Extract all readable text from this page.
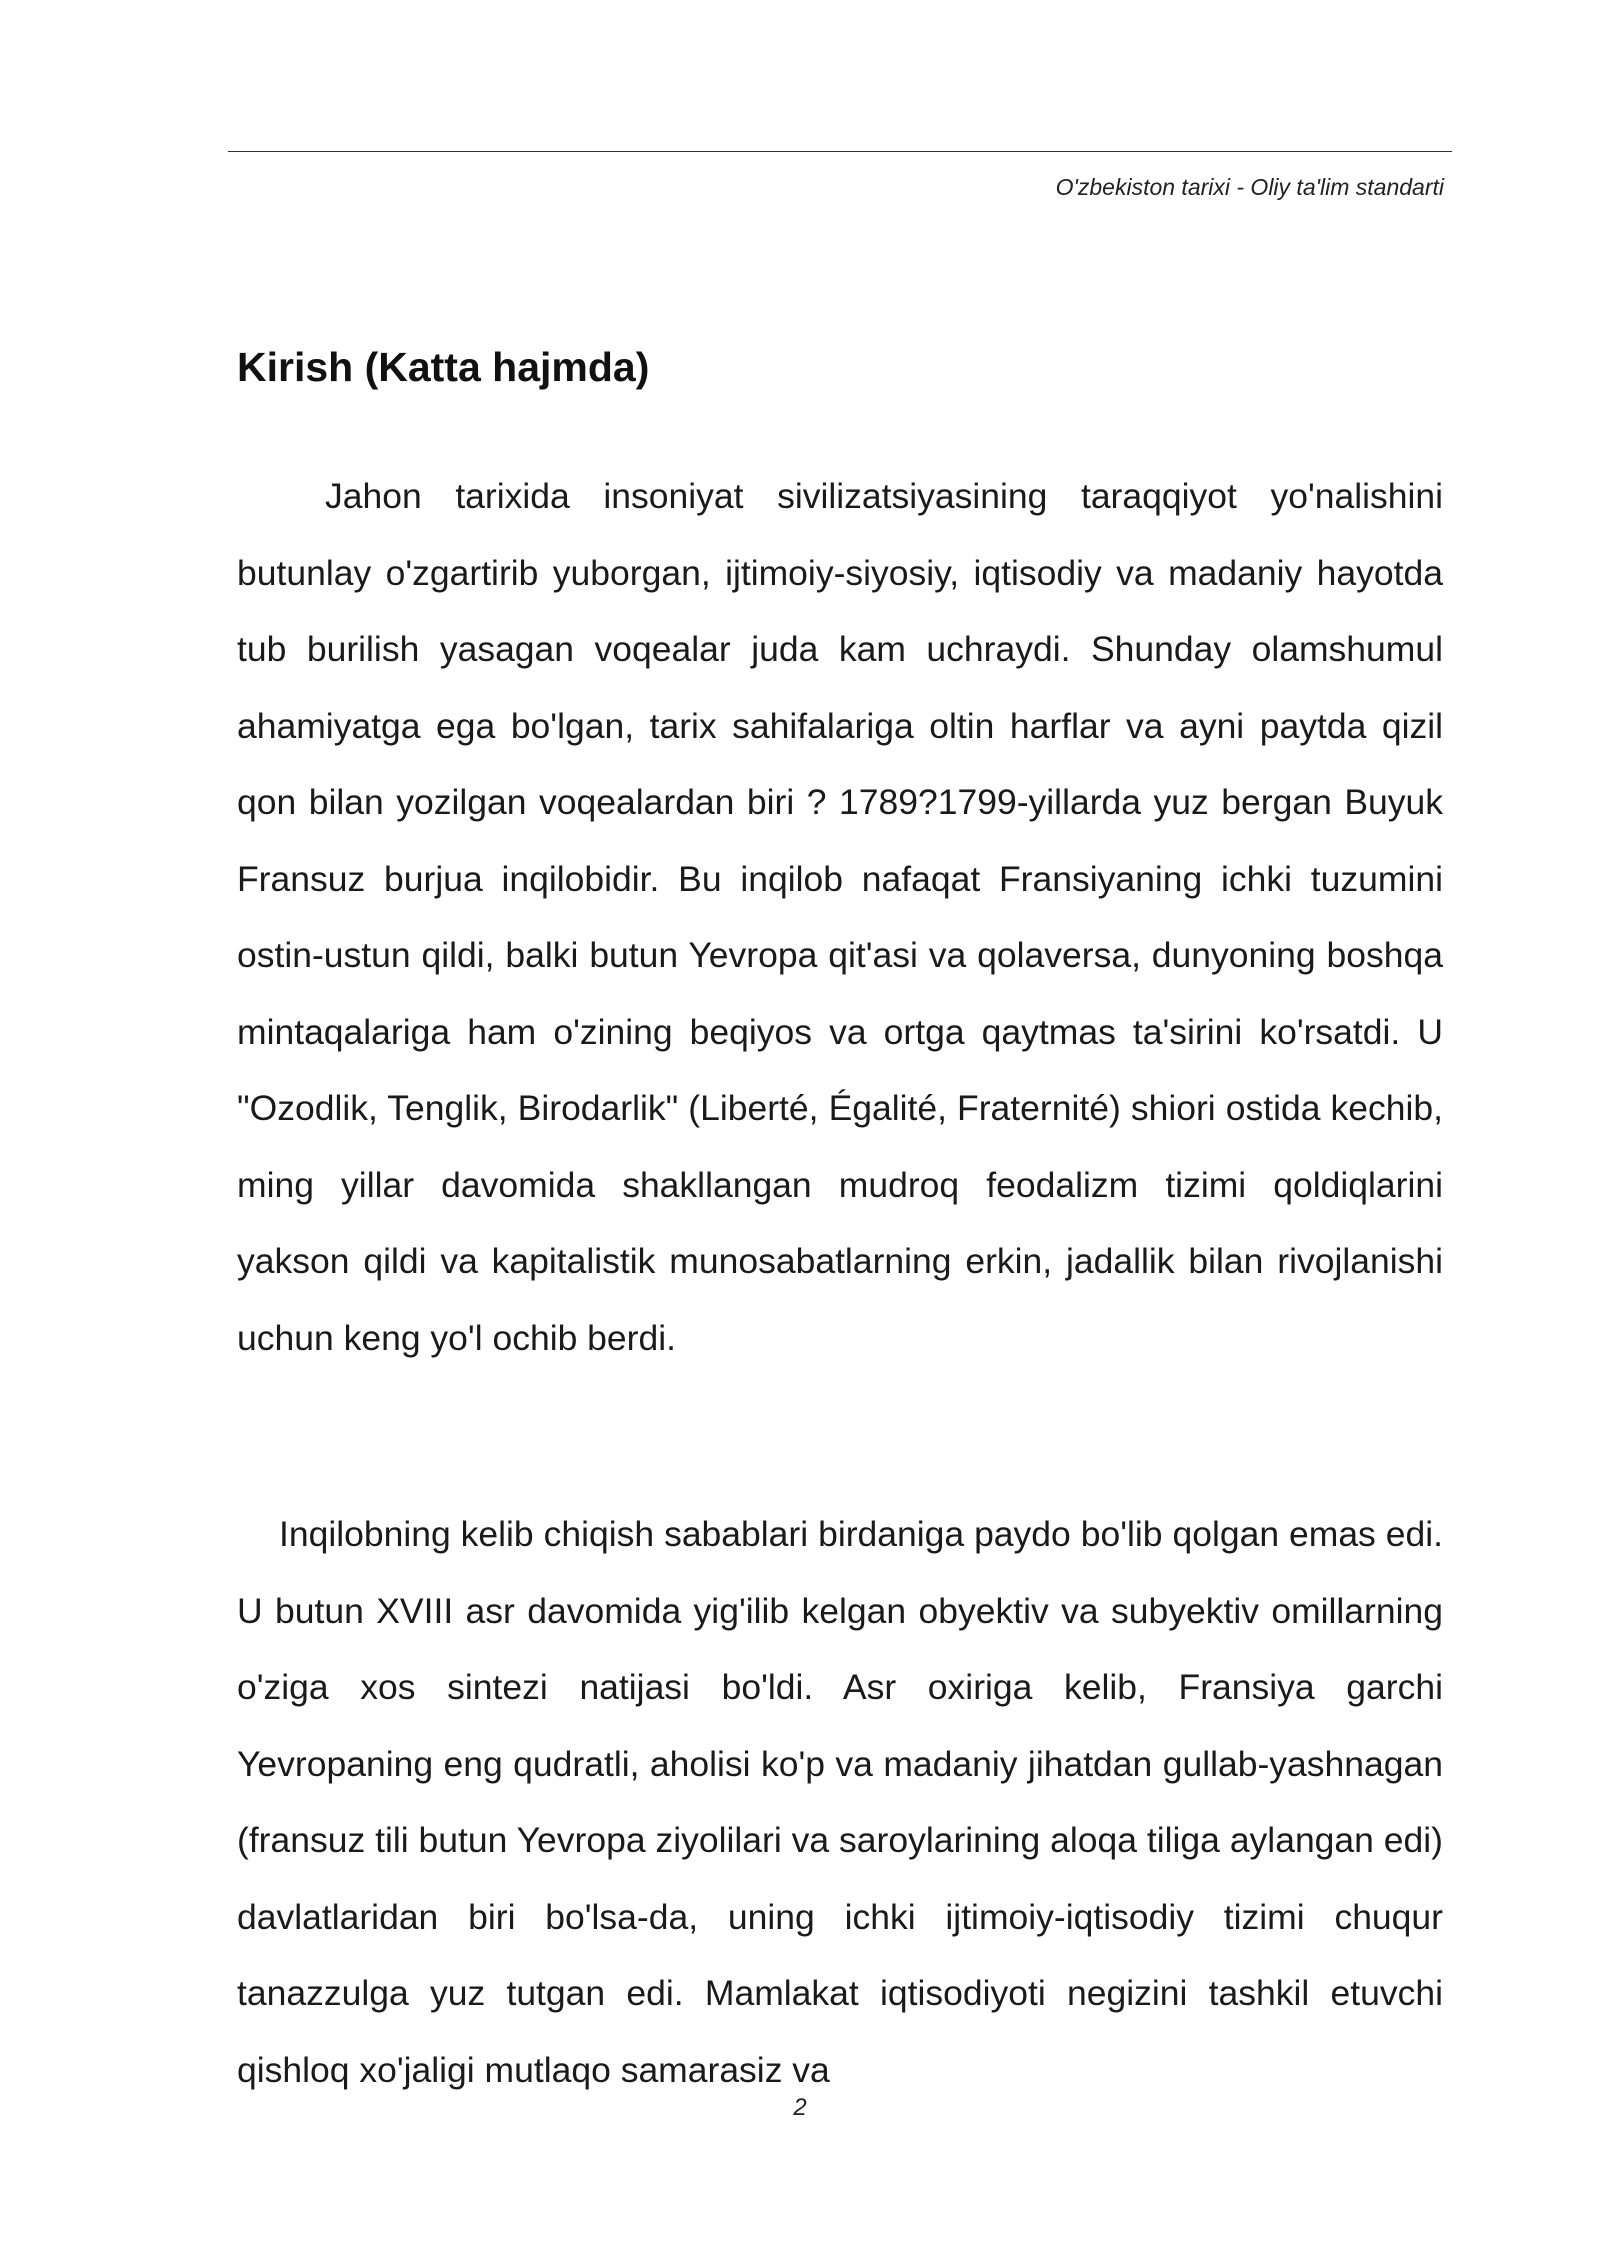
O'zbekiston tarixi - Oliy ta'lim standarti
Kirish (Katta hajmda)

Jahon tarixida insoniyat sivilizatsiyasining taraqqiyot yo'nalishini butunlay o'zgartirib yuborgan, ijtimoiy-siyosiy, iqtisodiy va madaniy hayotda tub burilish yasagan voqealar juda kam uchraydi. Shunday olamshumul ahamiyatga ega bo'lgan, tarix sahifalariga oltin harflar va ayni paytda qizil qon bilan yozilgan voqealardan biri ? 1789?1799-yillarda yuz bergan Buyuk Fransuz burjua inqilobidir. Bu inqilob nafaqat Fransiyaning ichki tuzumini ostin-ustun qildi, balki butun Yevropa qit'asi va qolaversa, dunyoning boshqa mintaqalariga ham o'zining beqiyos va ortga qaytmas ta'sirini ko'rsatdi. U "Ozodlik, Tenglik, Birodarlik" (Liberté, Égalité, Fraternité) shiori ostida kechib, ming yillar davomida shakllangan mudroq feodalizm tizimi qoldiqlarini yakson qildi va kapitalistik munosabatlarning erkin, jadallik bilan rivojlanishi uchun keng yo'l ochib berdi.

Inqilobning kelib chiqish sabablari birdaniga paydo bo'lib qolgan emas edi. U butun XVIII asr davomida yig'ilib kelgan obyektiv va subyektiv omillarning o'ziga xos sintezi natijasi bo'ldi. Asr oxiriga kelib, Fransiya garchi Yevropaning eng qudratli, aholisi ko'p va madaniy jihatdan gullab-yashnagan (fransuz tili butun Yevropa ziyolilari va saroylarining aloqa tiliga aylangan edi) davlatlaridan biri bo'lsa-da, uning ichki ijtimoiy-iqtisodiy tizimi chuqur tanazzulga yuz tutgan edi. Mamlakat iqtisodiyoti negizini tashkil etuvchi qishloq xo'jaligi mutlaqo samarasiz va

2
